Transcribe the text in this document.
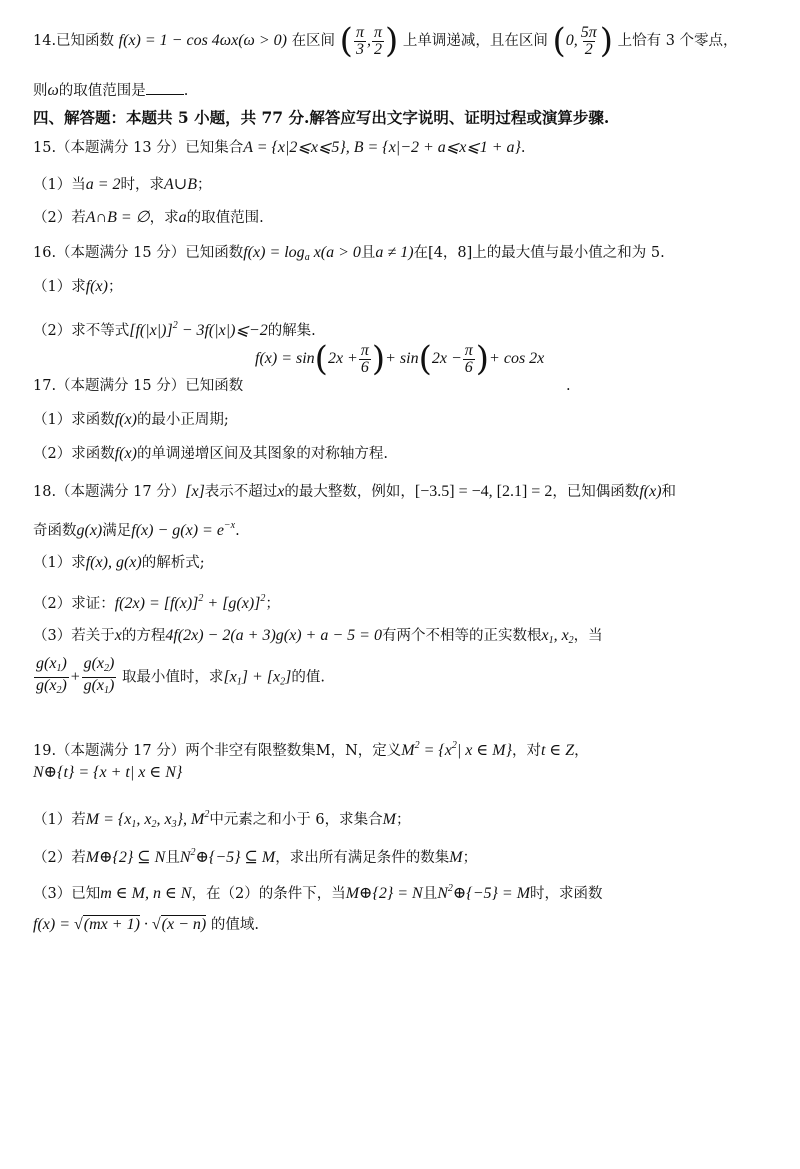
14.已知函数 f(x) = 1 − cos 4ωx(ω > 0) 在区间 ( $\frac{\pi}{3}$ , $\frac{\pi}{2}$ ) 上单调递减，且在区间 (0, $\frac{5\pi}{2}$ ) 上恰有 3 个零点，
则ω的取值范围是	.
四、解答题：本题共 5 小题，共 77 分.解答应写出文字说明、证明过程或演算步骤.
15.（本题满分 13 分）已知集合A = {x|2⩽x⩽5}, B = {x|−2 + a⩽x⩽1 + a}.
（1）当a = 2时，求A∪B；
（2）若A∩B = ∅，求a的取值范围.
16.（本题满分 15 分）已知函数$f(x) = \log_a x(a > 0$且a ≠ 1)在[4，8]上的最大值与最小值之和为 5.
（1）求f(x)；
（2）求不等式$[f(|x|)]^2$ − 3f(|x|)⩽−2的解集.
$f(x) = \sin(2x + \frac{\pi}{6}$ )+ $\sin(2x - \frac{\pi}{6}$ )+ cos 2x
.
17.（本题满分 15 分）已知函数
（1）求函数f(x)的最小正周期;
（2）求函数f(x)的单调递增区间及其图象的对称轴方程.
18.（本题满分 17 分）[x]表示不超过x的最大整数，例如，[−3.5] = −4, [2.1] = 2，已知偶函数f(x)和
奇函数g(x)满足$f(x) - g(x) = e^{-x}$.
（1）求f(x), g(x)的解析式;
（2）求证：$f(2x) = [f(x)]^2 + [g(x)]^2$；
（3）若关于x的方程4f(2x) − 2(a + 3)g(x) + a − 5 = 0有两个不相等的正实数根$x_1$, $x_2$，当
$\frac{g(x_1)}{g(x_2)} + \frac{g(x_2)}{g(x_1)}$ 取最小值时，求$[x_1] + [x_2]$的值.
19.（本题满分 17 分）两个非空有限整数集M，N，定义$M^2 = \{x^2|$ x ∈ M}，对t ∈ Z，
N⊕{t} = {x + t| x ∈ N}
（1）若$M = \{x_1$, $x_2$, $x_3$}, $M^2$中元素之和小于 6，求集合M；
（2）若M⊕{2} ⊆ N且$N^2\oplus\{-5\}$ ⊆ M，求出所有满足条件的数集M；
（3）已知m ∈ M, n ∈ N，在（2）的条件下，当M⊕{2} = N且$N^2\oplus\{-5\} = M$时，求函数
f(x) = √(mx + 1) · √(x − n) 的值域.
